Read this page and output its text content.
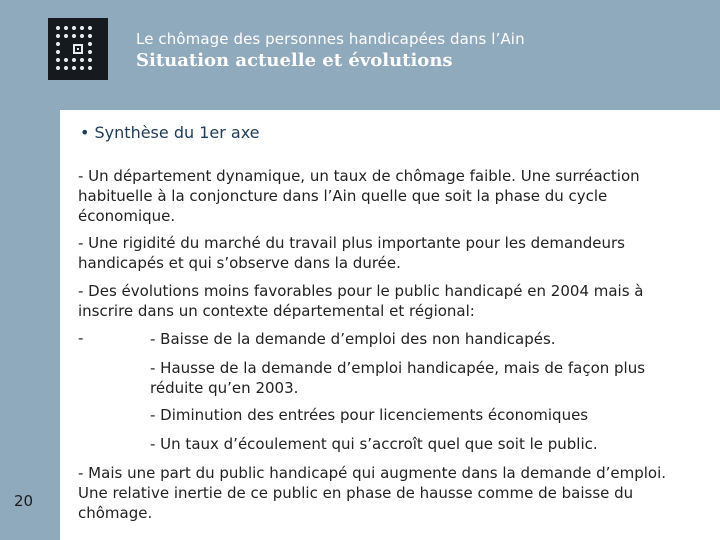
Le chômage des personnes handicapées dans l’Ain
Situation actuelle et évolutions
20
• Synthèse du 1er axe
- Un département dynamique, un taux de chômage faible. Une surréaction habituelle à la conjoncture dans l’Ain quelle que soit la phase du cycle économique.
- Une rigidité du marché du travail plus importante pour les demandeurs handicapés et qui s’observe dans la durée.
- Des évolutions moins favorables pour le public handicapé en 2004 mais à inscrire dans un contexte départemental et régional:
-	- Baisse de la demande d’emploi des non handicapés.
- Hausse de la demande d’emploi handicapée, mais de façon plus réduite qu’en 2003.
- Diminution des entrées pour licenciements économiques
- Un taux d’écoulement qui s’accroît quel que soit le public.
- Mais une part du public handicapé qui augmente dans la demande d’emploi. Une relative inertie de ce public en phase de hausse comme de baisse du chômage.
